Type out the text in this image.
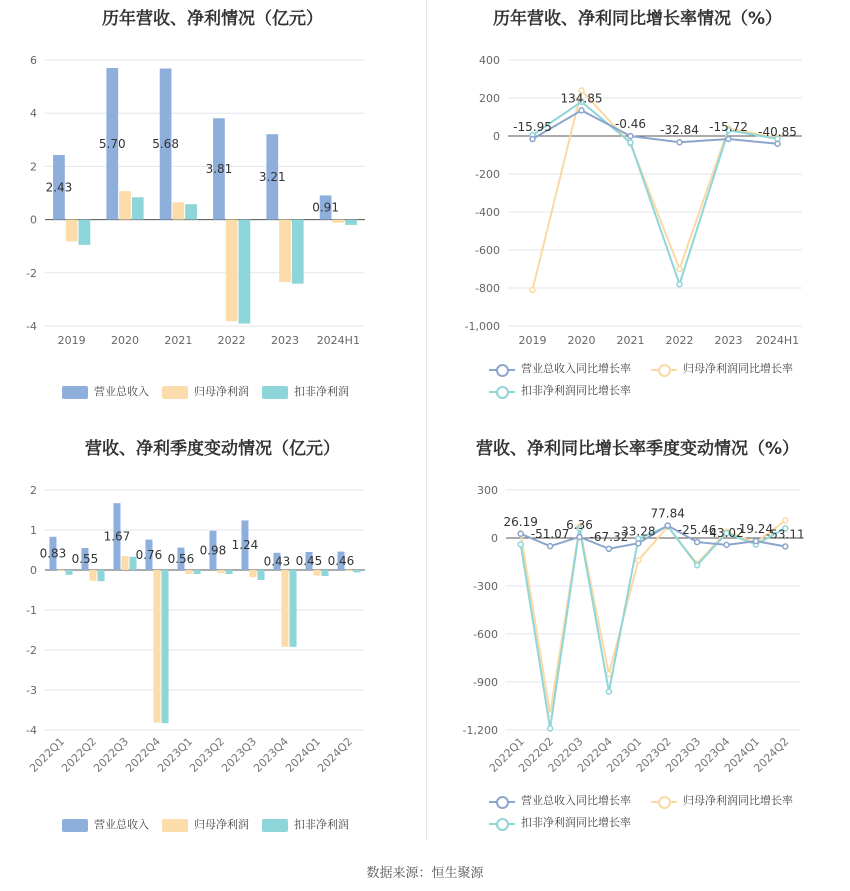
历年营收、净利情况（亿元）
-4
-2
0
2
4
6
2019 2020 2021 2022 2023 2024H1
2.43
5.70 5.68
3.81
3.21
0.91
营业总收入	归母净利润	扣非净利润
历年营收、净利同比增长率情况（%）
-1,000
-800
-600
-400
-200
0
200
400
2019 2020 2021 2022 2023 2024H1
-15.95
134.85
-0.46 -32.84 -15.72 -40.85
营业总收入同比增长率	归母净利润同比增长率
扣非净利润同比增长率
营收、净利季度变动情况（亿元）
-4
-3
-2
-1
0
1
2
2022Q1
2022Q2
2022Q3
2022Q4
2023Q1
2023Q2
2023Q3
2023Q4
2024Q1
2024Q2
0.83 0.55
1.67
0.76 0.56
0.98 1.24
0.43 0.45 0.46
营业总收入	归母净利润	扣非净利润
营收、净利同比增长率季度变动情况（%）
-1,200
-900
-600
-300
0
300
2022Q1
2022Q2
2022Q3
2022Q4
2023Q1
2023Q2
2023Q3
2023Q4
2024Q1
2024Q2
26.19
-51.07
6.36
-67.32
33.28
77.84
-25.46
43.02
19.24
-53.11
营业总收入同比增长率	归母净利润同比增长率
扣非净利润同比增长率
数据来源：恒生聚源
